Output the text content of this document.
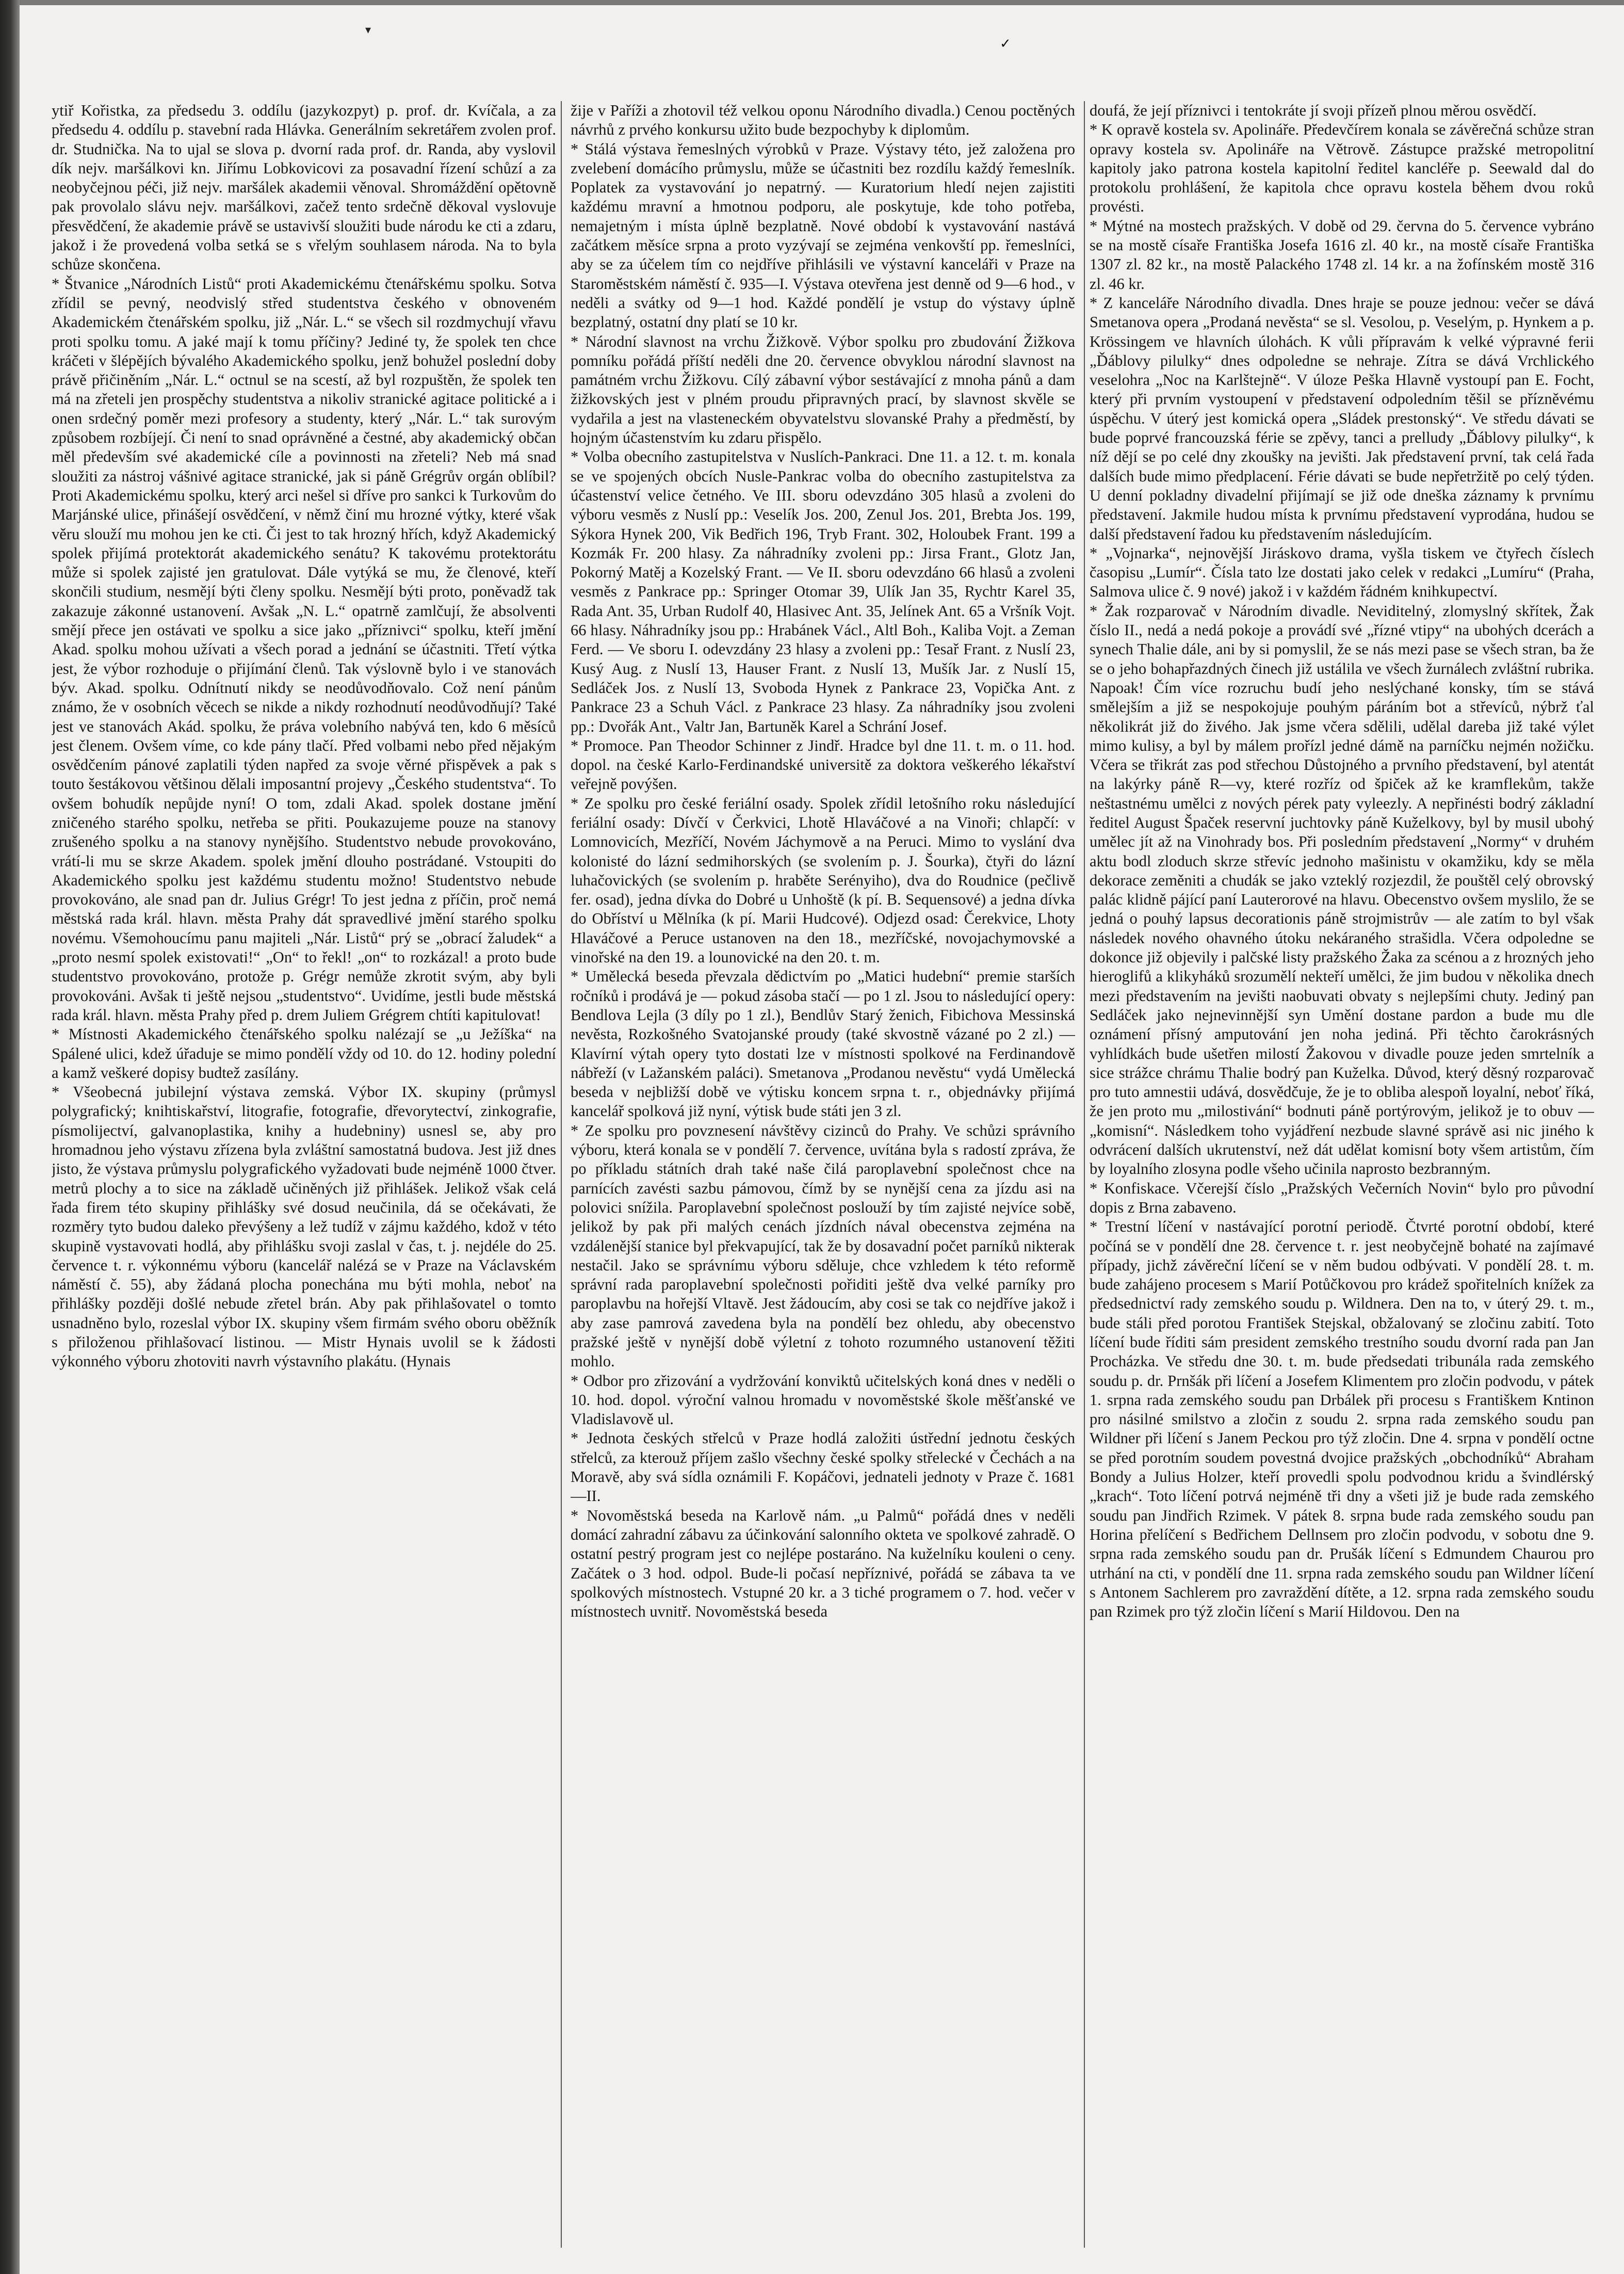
▾
✓

ytiř Kořistka, za předsedu 3. oddílu (jazykozpyt) p. prof. dr. Kvíčala, a za předsedu 4. oddílu p. stavební rada Hlávka. Generálním sekretářem zvolen prof. dr. Studnička. Na to ujal se slova p. dvorní rada prof. dr. Randa, aby vyslovil dík nejv. maršálkovi kn. Jiřímu Lobkovicovi za posavadní řízení schůzí a za neobyčejnou péči, již nejv. maršálek akademii věnoval. Shromáždění opětovně pak provolalo slávu nejv. maršálkovi, začež tento srdečně děkoval vyslovuje přesvědčení, že akademie právě se ustavivší sloužiti bude národu ke cti a zdaru, jakož i že provedená volba setká se s vřelým souhlasem národa. Na to byla schůze skončena.

* Štvanice „Národních Listů“ proti Akademickému čtenářskému spolku. Sotva zřídil se pevný, neodvislý střed studentstva českého v obnoveném Akademickém čtenářském spolku, již „Nár. L.“ se všech sil rozdmychují vřavu proti spolku tomu. A jaké mají k tomu příčiny? Jediné ty, že spolek ten chce kráčeti v šlépějích bývalého Akademického spolku, jenž bohužel poslední doby právě přičiněním „Nár. L.“ octnul se na scestí, až byl rozpuštěn, že spolek ten má na zřeteli jen prospěchy studentstva a nikoliv stranické agitace politické a i onen srdečný poměr mezi profesory a studenty, který „Nár. L.“ tak surovým způsobem rozbíjejí. Či není to snad oprávněné a čestné, aby akademický občan měl především své akademické cíle a povinnosti na zřeteli? Neb má snad sloužiti za nástroj vášnivé agitace stranické, jak si páně Grégrův orgán oblíbil? Proti Akademickému spolku, který arci nešel si dříve pro sankci k Turkovům do Marjánské ulice, přinášejí osvědčení, v němž činí mu hrozné výtky, které však věru slouží mu mohou jen ke cti. Či jest to tak hrozný hřích, když Akademický spolek přijímá protektorát akademického senátu? K takovému protektorátu může si spolek zajisté jen gratulovat. Dále vytýká se mu, že členové, kteří skončili studium, nesmějí býti členy spolku. Nesmějí býti proto, poněvadž tak zakazuje zákonné ustanovení. Avšak „N. L.“ opatrně zamlčují, že absolventi smějí přece jen ostávati ve spolku a sice jako „příznivci“ spolku, kteří jmění Akad. spolku mohou užívati a všech porad a jednání se účastniti. Třetí výtka jest, že výbor rozhoduje o přijímání členů. Tak výslovně bylo i ve stanovách býv. Akad. spolku. Odnítnutí nikdy se neodůvodňovalo. Což není pánům známo, že v osobních věcech se nikde a nikdy rozhodnutí neodůvodňují? Také jest ve stanovách Akád. spolku, že práva volebního nabývá ten, kdo 6 měsíců jest členem. Ovšem víme, co kde pány tlačí. Před volbami nebo před nějakým osvědčením pánové zaplatili týden napřed za svoje věrné přispěvek a pak s touto šestákovou většinou dělali imposantní projevy „Českého studentstva“. To ovšem bohudík nepůjde nyní! O tom, zdali Akad. spolek dostane jmění zničeného starého spolku, netřeba se přiti. Poukazujeme pouze na stanovy zrušeného spolku a na stanovy nynějšího. Studentstvo nebude provokováno, vrátí-li mu se skrze Akadem. spolek jmění dlouho postrádané. Vstoupiti do Akademického spolku jest každému studentu možno! Studentstvo nebude provokováno, ale snad pan dr. Julius Grégr! To jest jedna z příčin, proč nemá městská rada král. hlavn. města Prahy dát spravedlivé jmění starého spolku novému. Všemohoucímu panu majiteli „Nár. Listů“ prý se „obrací žaludek“ a „proto nesmí spolek existovati!“ „On“ to řekl! „on“ to rozkázal! a proto bude studentstvo provokováno, protože p. Grégr nemůže zkrotit svým, aby byli provokováni. Avšak ti ještě nejsou „studentstvo“. Uvidíme, jestli bude městská rada král. hlavn. města Prahy před p. drem Juliem Grégrem chtíti kapitulovat!

* Místnosti Akademického čtenářského spolku nalézají se „u Ježíška“ na Spálené ulici, kdež úřaduje se mimo pondělí vždy od 10. do 12. hodiny polední a kamž veškeré dopisy budtež zasílány.

* Všeobecná jubilejní výstava zemská. Výbor IX. skupiny (průmysl polygrafický; knihtiskařství, litografie, fotografie, dřevorytectví, zinkografie, písmolijectví, galvanoplastika, knihy a hudebniny) usnesl se, aby pro hromadnou jeho výstavu zřízena byla zvláštní samostatná budova. Jest již dnes jisto, že výstava průmyslu polygrafického vyžadovati bude nejméně 1000 čtver. metrů plochy a to sice na základě učiněných již přihlášek. Jelikož však celá řada firem této skupiny přihlášky své dosud neučinila, dá se očekávati, že rozměry tyto budou daleko převýšeny a lež tudíž v zájmu každého, kdož v této skupině vystavovati hodlá, aby přihlášku svoji zaslal v čas, t. j. nejdéle do 25. července t. r. výkonnému výboru (kancelář nalézá se v Praze na Václavském náměstí č. 55), aby žádaná plocha ponechána mu býti mohla, neboť na přihlášky později došlé nebude zřetel brán. Aby pak přihlašovatel o tomto usnadněno bylo, rozeslal výbor IX. skupiny všem firmám svého oboru oběžník s přiloženou přihlašovací listinou. — Mistr Hynais uvolil se k žádosti výkonného výboru zhotoviti navrh výstavního plakátu. (Hynais

žije v Paříži a zhotovil též velkou oponu Národního divadla.) Cenou poctěných návrhů z prvého konkursu užito bude bezpochyby k diplomům.

* Stálá výstava řemeslných výrobků v Praze. Výstavy této, jež založena pro zvelebení domácího průmyslu, může se účastniti bez rozdílu každý řemeslník. Poplatek za vystavování jo nepatrný. — Kuratorium hledí nejen zajistiti každému mravní a hmotnou podporu, ale poskytuje, kde toho potřeba, nemajetným i místa úplně bezplatně. Nové období k vystavování nastává začátkem měsíce srpna a proto vyzývají se zejména venkovští pp. řemeslníci, aby se za účelem tím co nejdříve přihlásili ve výstavní kanceláři v Praze na Staroměstském náměstí č. 935—I. Výstava otevřena jest denně od 9—6 hod., v neděli a svátky od 9—1 hod. Každé pondělí je vstup do výstavy úplně bezplatný, ostatní dny platí se 10 kr.

* Národní slavnost na vrchu Žižkově. Výbor spolku pro zbudování Žižkova pomníku pořádá příští neděli dne 20. července obvyklou národní slavnost na památném vrchu Žižkovu. Cílý zábavní výbor sestávající z mnoha pánů a dam žižkovských jest v plném proudu připravných prací, by slavnost skvěle se vydařila a jest na vlasteneckém obyvatelstvu slovanské Prahy a předměstí, by hojným účastenstvím ku zdaru přispělo.

* Volba obecního zastupitelstva v Nuslích-Pankraci. Dne 11. a 12. t. m. konala se ve spojených obcích Nusle-Pankrac volba do obecního zastupitelstva za účastenství velice četného. Ve III. sboru odevzdáno 305 hlasů a zvoleni do výboru vesměs z Nuslí pp.: Veselík Jos. 200, Zenul Jos. 201, Brebta Jos. 199, Sýkora Hynek 200, Vik Bedřich 196, Tryb Frant. 302, Holoubek Frant. 199 a Kozmák Fr. 200 hlasy. Za náhradníky zvoleni pp.: Jirsa Frant., Glotz Jan, Pokorný Matěj a Kozelský Frant. — Ve II. sboru odevzdáno 66 hlasů a zvoleni vesměs z Pankrace pp.: Springer Otomar 39, Ulík Jan 35, Rychtr Karel 35, Rada Ant. 35, Urban Rudolf 40, Hlasivec Ant. 35, Jelínek Ant. 65 a Vršník Vojt. 66 hlasy. Náhradníky jsou pp.: Hrabánek Václ., Altl Boh., Kaliba Vojt. a Zeman Ferd. — Ve sboru I. odevzdány 23 hlasy a zvoleni pp.: Tesař Frant. z Nuslí 23, Kusý Aug. z Nuslí 13, Hauser Frant. z Nuslí 13, Mušík Jar. z Nuslí 15, Sedláček Jos. z Nuslí 13, Svoboda Hynek z Pankrace 23, Vopička Ant. z Pankrace 23 a Schuh Václ. z Pankrace 23 hlasy. Za náhradníky jsou zvoleni pp.: Dvořák Ant., Valtr Jan, Bartuněk Karel a Schrání Josef.

* Promoce. Pan Theodor Schinner z Jindř. Hradce byl dne 11. t. m. o 11. hod. dopol. na české Karlo-Ferdinandské universitě za doktora veškerého lékařství veřejně povýšen.

* Ze spolku pro české feriální osady. Spolek zřídil letošního roku následující feriální osady: Dívčí v Čerkvici, Lhotě Hlaváčové a na Vinoři; chlapčí: v Lomnovicích, Mezříčí, Novém Jáchymově a na Peruci. Mimo to vyslání dva kolonisté do lázní sedmihorských (se svolením p. J. Šourka), čtyři do lázní luhačovických (se svolením p. hraběte Serényiho), dva do Roudnice (pečlivě fer. osad), jedna dívka do Dobré u Unhoště (k pí. B. Sequensové) a jedna dívka do Obříství u Mělníka (k pí. Marii Hudcové). Odjezd osad: Čerekvice, Lhoty Hlaváčové a Peruce ustanoven na den 18., mezříčské, novojachymovské a vinořské na den 19. a lounovické na den 20. t. m.

* Umělecká beseda převzala dědictvím po „Matici hudební“ premie starších ročníků i prodává je — pokud zásoba stačí — po 1 zl. Jsou to následující opery: Bendlova Lejla (3 díly po 1 zl.), Bendlův Starý ženich, Fibichova Messinská nevěsta, Rozkošného Svatojanské proudy (také skvostně vázané po 2 zl.) — Klavírní výtah opery tyto dostati lze v místnosti spolkové na Ferdinandově nábřeží (v Lažanském paláci). Smetanova „Prodanou nevěstu“ vydá Umělecká beseda v nejbližší době ve výtisku koncem srpna t. r., objednávky přijímá kancelář spolková již nyní, výtisk bude státi jen 3 zl.

* Ze spolku pro povznesení návštěvy cizinců do Prahy. Ve schůzi správního výboru, která konala se v pondělí 7. července, uvítána byla s radostí zpráva, že po příkladu státních drah také naše čilá paroplavební společnost chce na parnících zavésti sazbu pámovou, čímž by se nynější cena za jízdu asi na polovici snížila. Paroplavební společnost poslouží by tím zajisté nejvíce sobě, jelikož by pak při malých cenách jízdních nával obecenstva zejména na vzdálenější stanice byl překvapující, tak že by dosavadní počet parníků nikterak nestačil. Jako se správnímu výboru sděluje, chce vzhledem k této reformě správní rada paroplavební společnosti pořiditi ještě dva velké parníky pro paroplavbu na hořejší Vltavě. Jest žádoucím, aby cosi se tak co nejdříve jakož i aby zase pamrová zavedena byla na pondělí bez ohledu, aby obecenstvo pražské ještě v nynější době výletní z tohoto rozumného ustanovení těžiti mohlo.

* Odbor pro zřizování a vydržování konviktů učitelských koná dnes v neděli o 10. hod. dopol. výroční valnou hromadu v novoměstské škole měšťanské ve Vladislavově ul.

* Jednota českých střelců v Praze hodlá založiti ústřední jednotu českých střelců, za kterouž příjem zašlo všechny české spolky střelecké v Čechách a na Moravě, aby svá sídla oznámili F. Kopáčovi, jednateli jednoty v Praze č. 1681—II.

* Novoměstská beseda na Karlově nám. „u Palmů“ pořádá dnes v neděli domácí zahradní zábavu za účinkování salonního okteta ve spolkové zahradě. O ostatní pestrý program jest co nejlépe postaráno. Na kuželníku kouleni o ceny. Začátek o 3 hod. odpol. Bude-li počasí nepříznivé, pořádá se zábava ta ve spolkových místnostech. Vstupné 20 kr. a 3 tiché programem o 7. hod. večer v místnostech uvnitř. Novoměstská beseda

doufá, že její příznivci i tentokráte jí svoji přízeň plnou měrou osvědčí.

* K opravě kostela sv. Apolináře. Předevčírem konala se závěrečná schůze stran opravy kostela sv. Apolináře na Větrově. Zástupce pražské metropolitní kapitoly jako patrona kostela kapitolní ředitel kancléře p. Seewald dal do protokolu prohlášení, že kapitola chce opravu kostela během dvou roků provésti.

* Mýtné na mostech pražských. V době od 29. června do 5. července vybráno se na mostě císaře Františka Josefa 1616 zl. 40 kr., na mostě císaře Františka 1307 zl. 82 kr., na mostě Palackého 1748 zl. 14 kr. a na žofínském mostě 316 zl. 46 kr.

* Z kanceláře Národního divadla. Dnes hraje se pouze jednou: večer se dává Smetanova opera „Prodaná nevěsta“ se sl. Vesolou, p. Veselým, p. Hynkem a p. Krössingem ve hlavních úlohách. K vůli přípravám k velké výpravné ferii „Ďáblovy pilulky“ dnes odpoledne se nehraje. Zítra se dává Vrchlického veselohra „Noc na Karlštejně“. V úloze Peška Hlavně vystoupí pan E. Focht, který při prvním vystoupení v představení odpoledním těšil se přízněvému úspěchu. V úterý jest komická opera „Sládek prestonský“. Ve středu dávati se bude poprvé francouzská férie se zpěvy, tanci a prelludy „Ďáblovy pilulky“, k níž dějí se po celé dny zkoušky na jevišti. Jak představení první, tak celá řada dalších bude mimo předplacení. Férie dávati se bude nepřetržitě po celý týden. U denní pokladny divadelní přijímají se již ode dneška záznamy k prvnímu představení. Jakmile hudou místa k prvnímu představení vyprodána, hudou se další představení řadou ku představením následujícím.

* „Vojnarka“, nejnovější Jiráskovo drama, vyšla tiskem ve čtyřech číslech časopisu „Lumír“. Čísla tato lze dostati jako celek v redakci „Lumíru“ (Praha, Salmova ulice č. 9 nové) jakož i v každém řádném knihkupectví.

* Žak rozparovač v Národním divadle. Neviditelný, zlomyslný skřítek, Žak číslo II., nedá a nedá pokoje a provádí své „řízné vtipy“ na ubohých dcerách a synech Thalie dále, ani by si pomyslil, že se nás mezi pase se všech stran, ba že se o jeho bohapřazdných činech již ustálila ve všech žurnálech zvláštní rubrika. Napoak! Čím více rozruchu budí jeho neslýchané konsky, tím se stává smělejším a již se nespokojuje pouhým páráním bot a střevíců, nýbrž ťal několikrát již do živého. Jak jsme včera sdělili, udělal dareba již také výlet mimo kulisy, a byl by málem prořízl jedné dámě na parníčku nejmén nožičku. Včera se třikrát zas pod střechou Důstojného a prvního představení, byl atentát na lakýrky páně R—vy, které rozříz od špiček až ke kramflekům, takže neštastnému umělci z nových pérek paty vyleezly. A nepřinésti bodrý základní ředitel August Špaček reservní juchtovky páně Kuželkovy, byl by musil ubohý umělec jít až na Vinohrady bos. Při posledním představení „Normy“ v druhém aktu bodl zloduch skrze střevíc jednoho mašinistu v okamžiku, kdy se měla dekorace zeměniti a chudák se jako vzteklý rozjezdil, že pouštěl celý obrovský palác klidně pájící paní Lauterorové na hlavu. Obecenstvo ovšem myslilo, že se jedná o pouhý lapsus decorationis páně strojmistrův — ale zatím to byl však následek nového ohavného útoku nekáraného strašidla. Včera odpoledne se dokonce již objevily i palčské listy pražského Žaka za scénou a z hrozných jeho hieroglifů a klikyháků srozumělí nekteří umělci, že jim budou v několika dnech mezi představením na jevišti naobuvati obvaty s nejlepšími chuty. Jediný pan Sedláček jako nejnevinnější syn Umění dostane pardon a bude mu dle oznámení přísný amputování jen noha jediná. Při těchto čarokrásných vyhlídkách bude ušetřen milostí Žakovou v divadle pouze jeden smrtelník a sice strážce chrámu Thalie bodrý pan Kuželka. Důvod, který děsný rozparovač pro tuto amnestii udává, dosvědčuje, že je to obliba alespoň loyalní, neboť říká, že jen proto mu „milostivání“ bodnuti páně portýrovým, jelikož je to obuv — „komisní“. Následkem toho vyjádření nezbude slavné správě asi nic jiného k odvrácení dalších ukrutenství, než dát udělat komisní boty všem artistům, čím by loyalního zlosyna podle všeho učinila naprosto bezbranným.

* Konfiskace. Včerejší číslo „Pražských Večerních Novin“ bylo pro původní dopis z Brna zabaveno.

* Trestní líčení v nastávající porotní periodě. Čtvrté porotní období, které počíná se v pondělí dne 28. července t. r. jest neobyčejně bohaté na zajímavé případy, jichž závěreční líčení se v něm budou odbývati. V pondělí 28. t. m. bude zahájeno procesem s Marií Potůčkovou pro krádež spořitelních knížek za předsednictví rady zemského soudu p. Wildnera. Den na to, v úterý 29. t. m., bude stáli před porotou František Stejskal, obžalovaný se zločinu zabití. Toto líčení bude říditi sám president zemského trestního soudu dvorní rada pan Jan Procházka. Ve středu dne 30. t. m. bude předsedati tribunála rada zemského soudu p. dr. Prnšák při líčení a Josefem Klimentem pro zločin podvodu, v pátek 1. srpna rada zemského soudu pan Drbálek při procesu s Františkem Kntinon pro násilné smilstvo a zločin z soudu 2. srpna rada zemského soudu pan Wildner při líčení s Janem Peckou pro týž zločin. Dne 4. srpna v pondělí octne se před porotním soudem povestná dvojice pražských „obchodníků“ Abraham Bondy a Julius Holzer, kteří provedli spolu podvodnou kridu a švindlérský „krach“. Toto líčení potrvá nejméně tři dny a všeti již je bude rada zemského soudu pan Jindřich Rzimek. V pátek 8. srpna bude rada zemského soudu pan Horina přelíčení s Bedřichem Dellnsem pro zločin podvodu, v sobotu dne 9. srpna rada zemského soudu pan dr. Prušák líčení s Edmundem Chaurou pro utrhání na cti, v pondělí dne 11. srpna rada zemského soudu pan Wildner líčení s Antonem Sachlerem pro zavraždění dítěte, a 12. srpna rada zemského soudu pan Rzimek pro týž zločin líčení s Marií Hildovou. Den na
